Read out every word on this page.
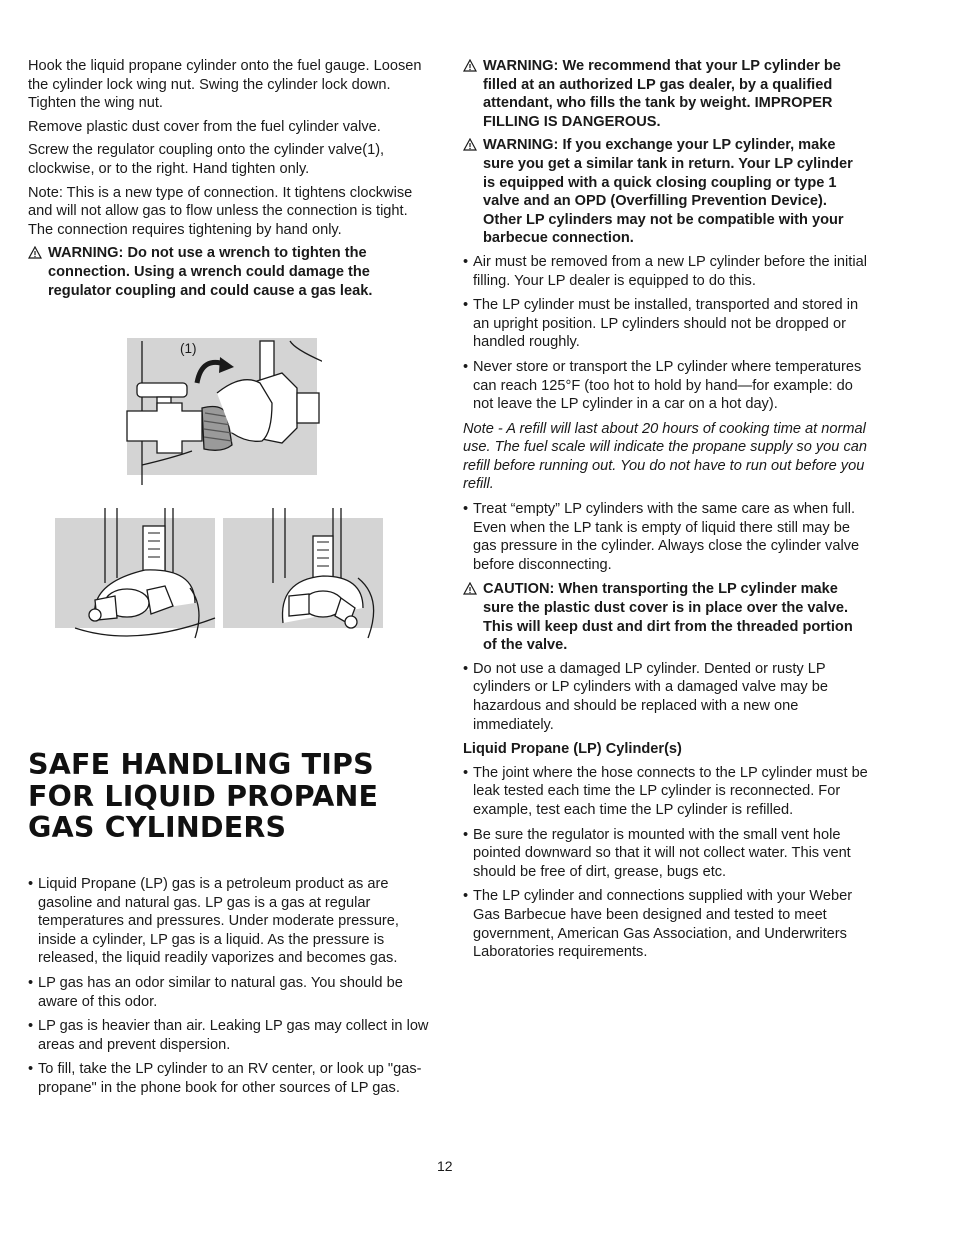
Hook the liquid propane cylinder onto the fuel gauge. Loosen the cylinder lock wing nut. Swing the cylinder lock down. Tighten the wing nut.

Remove plastic dust cover from the fuel cylinder valve.

Screw the regulator coupling onto the cylinder valve(1), clockwise, or to the right. Hand tighten only.

Note: This is a new type of connection. It tightens clockwise and will not allow gas to flow unless the connection is tight. The connection requires tightening by hand only.

WARNING: Do not use a wrench to tighten the connection. Using a wrench could damage the regulator coupling and could cause a gas leak.
(1)
SAFE HANDLING TIPS FOR LIQUID PROPANE GAS CYLINDERS
• Liquid Propane (LP) gas is a petroleum product as are gasoline and natural gas. LP gas is a gas at regular temperatures and pressures. Under moderate pressure, inside a cylinder, LP gas is a liquid. As the pressure is released, the liquid readily vaporizes and becomes gas.
• LP gas has an odor similar to natural gas. You should be aware of this odor.
• LP gas is heavier than air. Leaking LP gas may collect in low areas and prevent dispersion.
• To fill, take the LP cylinder to an RV center, or look up "gas-propane" in the phone book for other sources of LP gas.
WARNING: We recommend that your LP cylinder be filled at an authorized LP gas dealer, by a qualified attendant, who fills the tank by weight. IMPROPER FILLING IS DANGEROUS.
WARNING: If you exchange your LP cylinder, make sure you get a similar tank in return. Your LP cylinder is equipped with a quick closing coupling or type 1 valve and an OPD (Overfilling Prevention Device). Other LP cylinders may not be compatible with your barbecue connection.
• Air must be removed from a new LP cylinder before the initial filling. Your LP dealer is equipped to do this.
• The LP cylinder must be installed, transported and stored in an upright position. LP cylinders should not be dropped or handled roughly.
• Never store or transport the LP cylinder where temperatures can reach 125°F (too hot to hold by hand—for example: do not leave the LP cylinder in a car on a hot day).

Note - A refill will last about 20 hours of cooking time at normal use. The fuel scale will indicate the propane supply so you can refill before running out. You do not have to run out before you refill.

• Treat “empty” LP cylinders with the same care as when full. Even when the LP tank is empty of liquid there still may be gas pressure in the cylinder. Always close the cylinder valve before disconnecting.
CAUTION: When transporting the LP cylinder make sure the plastic dust cover is in place over the valve. This will keep dust and dirt from the threaded portion of the valve.
• Do not use a damaged LP cylinder. Dented or rusty LP cylinders or LP cylinders with a damaged valve may be hazardous and should be replaced with a new one immediately.

Liquid Propane (LP) Cylinder(s)

• The joint where the hose connects to the LP cylinder must be leak tested each time the LP cylinder is reconnected. For example, test each time the LP cylinder is refilled.
• Be sure the regulator is mounted with the small vent hole pointed downward so that it will not collect water. This vent should be free of dirt, grease, bugs etc.
• The LP cylinder and connections supplied with your Weber Gas Barbecue have been designed and tested to meet government, American Gas Association, and Underwriters Laboratories requirements.
12
